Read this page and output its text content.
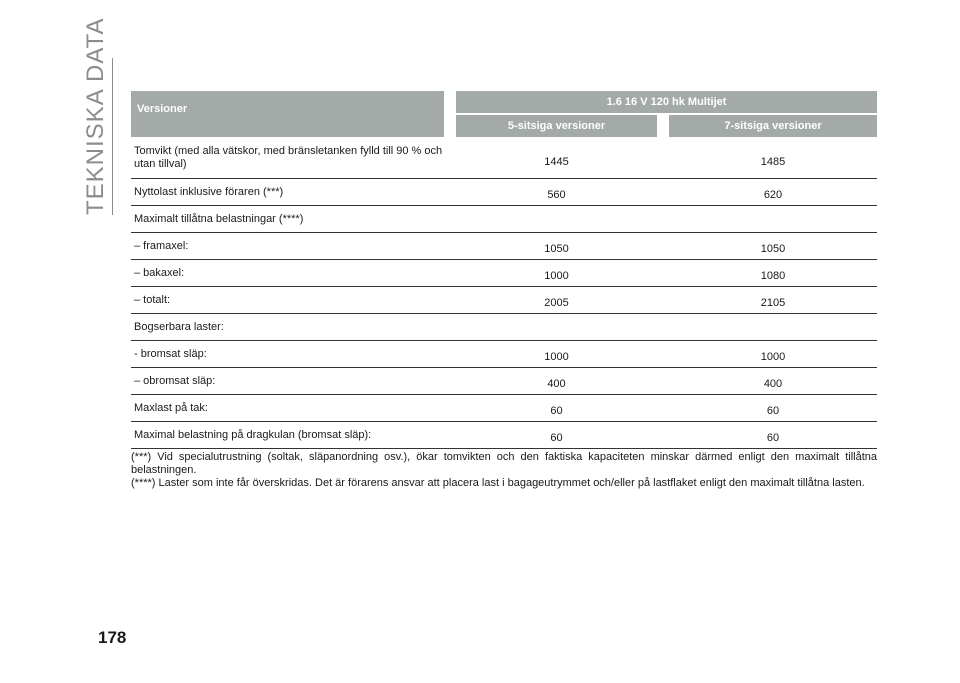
TEKNISKA DATA	Versioner
1.6 16 V 120 hk Multijet
5-sitsiga versioner	7-sitsiga versioner
Tomvikt (med alla vätskor, med bränsletanken fylld till 90 % och utan tillval)	1445	1485
Nyttolast inklusive föraren (***)	560	620
Maximalt tillåtna belastningar (****)
– framaxel:	1050	1050
– bakaxel:	1000	1080
– totalt:	2005	2105
Bogserbara laster:
- bromsat släp:	1000	1000
– obromsat släp:	400	400
Maxlast på tak:	60	60
Maximal belastning på dragkulan (bromsat släp):	60	60

(***) Vid specialutrustning (soltak, släpanordning osv.), ökar tomvikten och den faktiska kapaciteten minskar därmed enligt den maximalt tillåtna belastningen.

(****) Laster som inte får överskridas. Det är förarens ansvar att placera last i bagageutrymmet och/eller på lastflaket enligt den maximalt tillåtna lasten.

178
